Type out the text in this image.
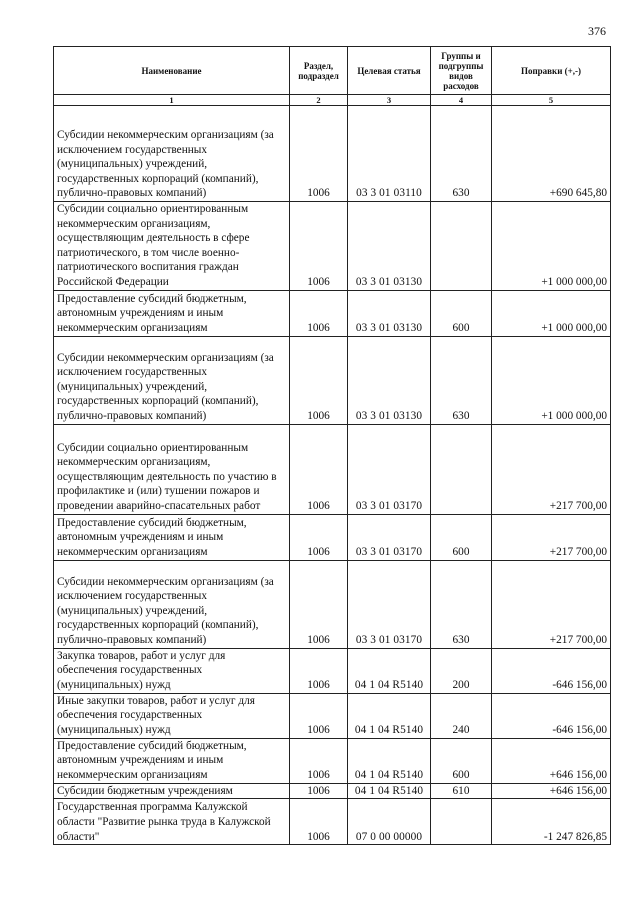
376
Наименование	Раздел, подраздел	Целевая статья	Группы и подгруппы видов расходов	Поправки (+,-)
1	2	3	4	5
Субсидии некоммерческим организациям (за исключением государственных (муниципальных) учреждений, государственных корпораций (компаний), публично-правовых компаний)	1006	03 3 01 03110	630	+690 645,80
Субсидии социально ориентированным некоммерческим организациям, осуществляющим деятельность в сфере патриотического, в том числе военно-патриотического воспитания граждан Российской Федерации	1006	03 3 01 03130		+1 000 000,00
Предоставление субсидий бюджетным, автономным учреждениям и иным некоммерческим организациям	1006	03 3 01 03130	600	+1 000 000,00
Субсидии некоммерческим организациям (за исключением государственных (муниципальных) учреждений, государственных корпораций (компаний), публично-правовых компаний)	1006	03 3 01 03130	630	+1 000 000,00
Субсидии социально ориентированным некоммерческим организациям, осуществляющим деятельность по участию в профилактике и (или) тушении пожаров и проведении аварийно-спасательных работ	1006	03 3 01 03170		+217 700,00
Предоставление субсидий бюджетным, автономным учреждениям и иным некоммерческим организациям	1006	03 3 01 03170	600	+217 700,00
Субсидии некоммерческим организациям (за исключением государственных (муниципальных) учреждений, государственных корпораций (компаний), публично-правовых компаний)	1006	03 3 01 03170	630	+217 700,00
Закупка товаров, работ и услуг для обеспечения государственных (муниципальных) нужд	1006	04 1 04 R5140	200	-646 156,00
Иные закупки товаров, работ и услуг для обеспечения государственных (муниципальных) нужд	1006	04 1 04 R5140	240	-646 156,00
Предоставление субсидий бюджетным, автономным учреждениям и иным некоммерческим организациям	1006	04 1 04 R5140	600	+646 156,00
Субсидии бюджетным учреждениям	1006	04 1 04 R5140	610	+646 156,00
Государственная программа Калужской области "Развитие рынка труда в Калужской области"	1006	07 0 00 00000		-1 247 826,85
